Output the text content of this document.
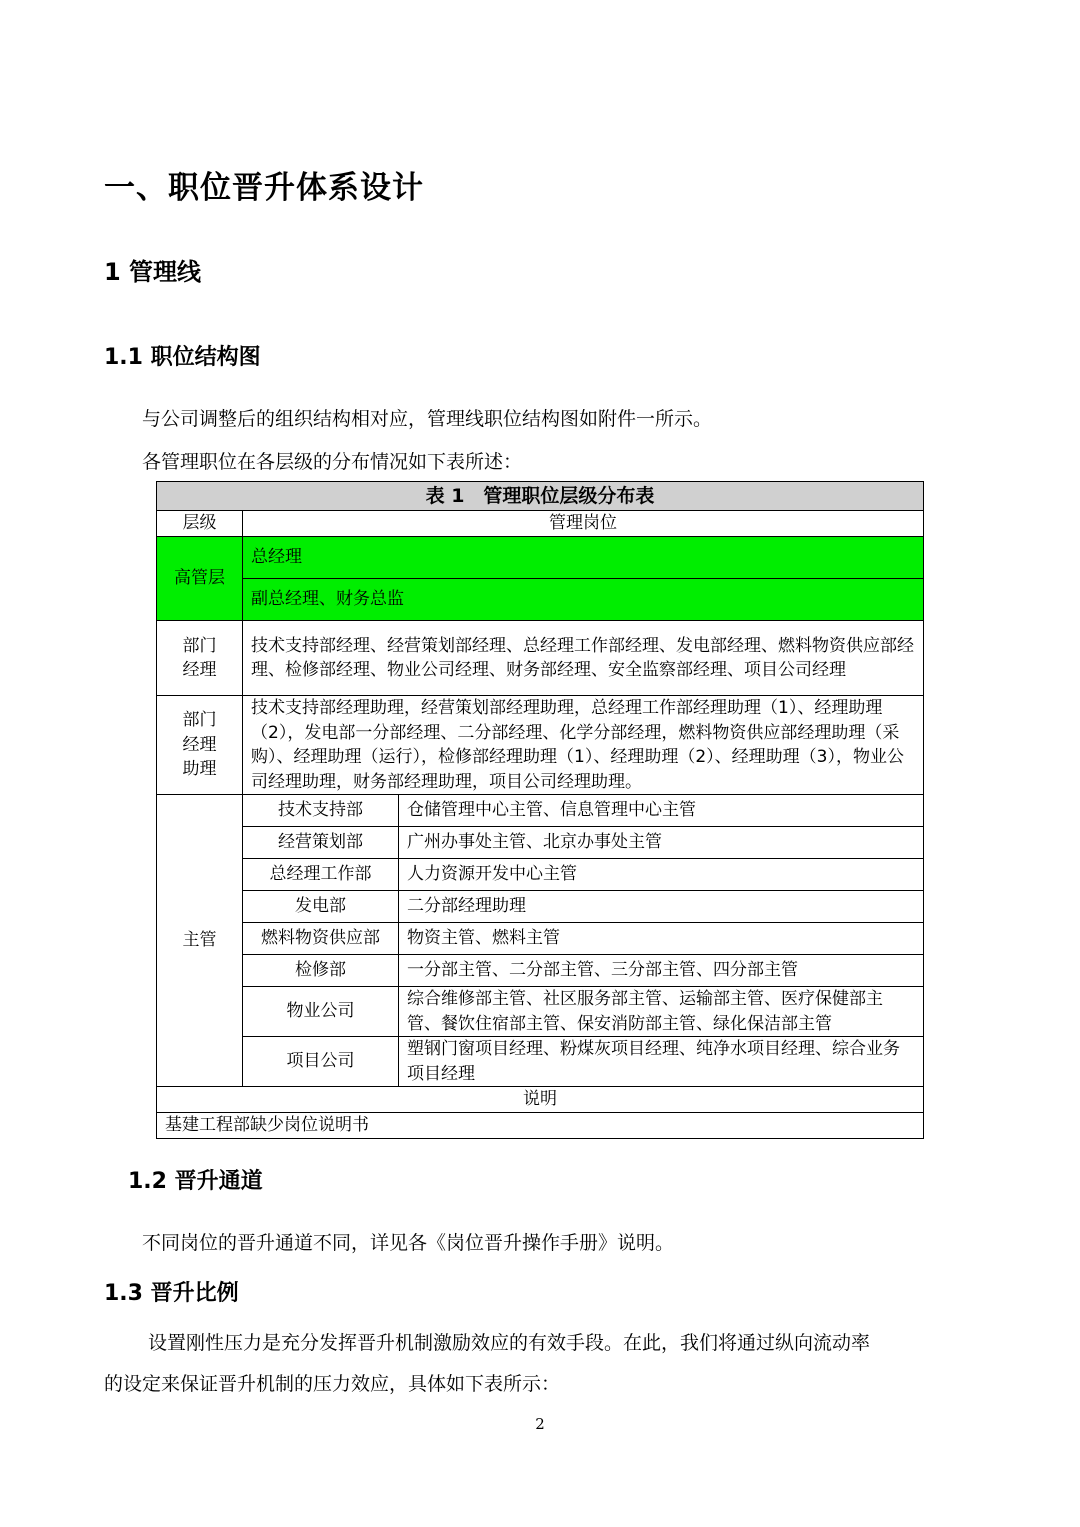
一、职位晋升体系设计
1 管理线
1.1 职位结构图
与公司调整后的组织结构相对应，管理线职位结构图如附件一所示。
各管理职位在各层级的分布情况如下表所述：
表 1　管理职位层级分布表		
层级	管理岗位	
高管层	总经理	
	副总经理、财务总监	

部门经理	技术支持部经理、经营策划部经理、总经理工作部经理、发电部经理、燃料物资供应部经理、检修部经理、物业公司经理、财务部经理、安全监察部经理、项目公司经理	

部门经理助理	技术支持部经理助理，经营策划部经理助理，总经理工作部经理助理（1）、经理助理（2），发电部一分部经理、二分部经理、化学分部经理，燃料物资供应部经理助理（采购）、经理助理（运行），检修部经理助理（1）、经理助理（2）、经理助理（3），物业公司经理助理，财务部经理助理，项目公司经理助理。	
主管	技术支持部	仓储管理中心主管、信息管理中心主管
	经营策划部	广州办事处主管、北京办事处主管
	总经理工作部	人力资源开发中心主管
	发电部	二分部经理助理
	燃料物资供应部	物资主管、燃料主管
	检修部	一分部主管、二分部主管、三分部主管、四分部主管
	物业公司	综合维修部主管、社区服务部主管、运输部主管、医疗保健部主管、餐饮住宿部主管、保安消防部主管、绿化保洁部主管
	项目公司	塑钢门窗项目经理、粉煤灰项目经理、纯净水项目经理、综合业务项目经理
说明		
基建工程部缺少岗位说明书		
1.2 晋升通道
不同岗位的晋升通道不同，详见各《岗位晋升操作手册》说明。
1.3 晋升比例
设置刚性压力是充分发挥晋升机制激励效应的有效手段。在此，我们将通过纵向流动率
的设定来保证晋升机制的压力效应，具体如下表所示：
2
